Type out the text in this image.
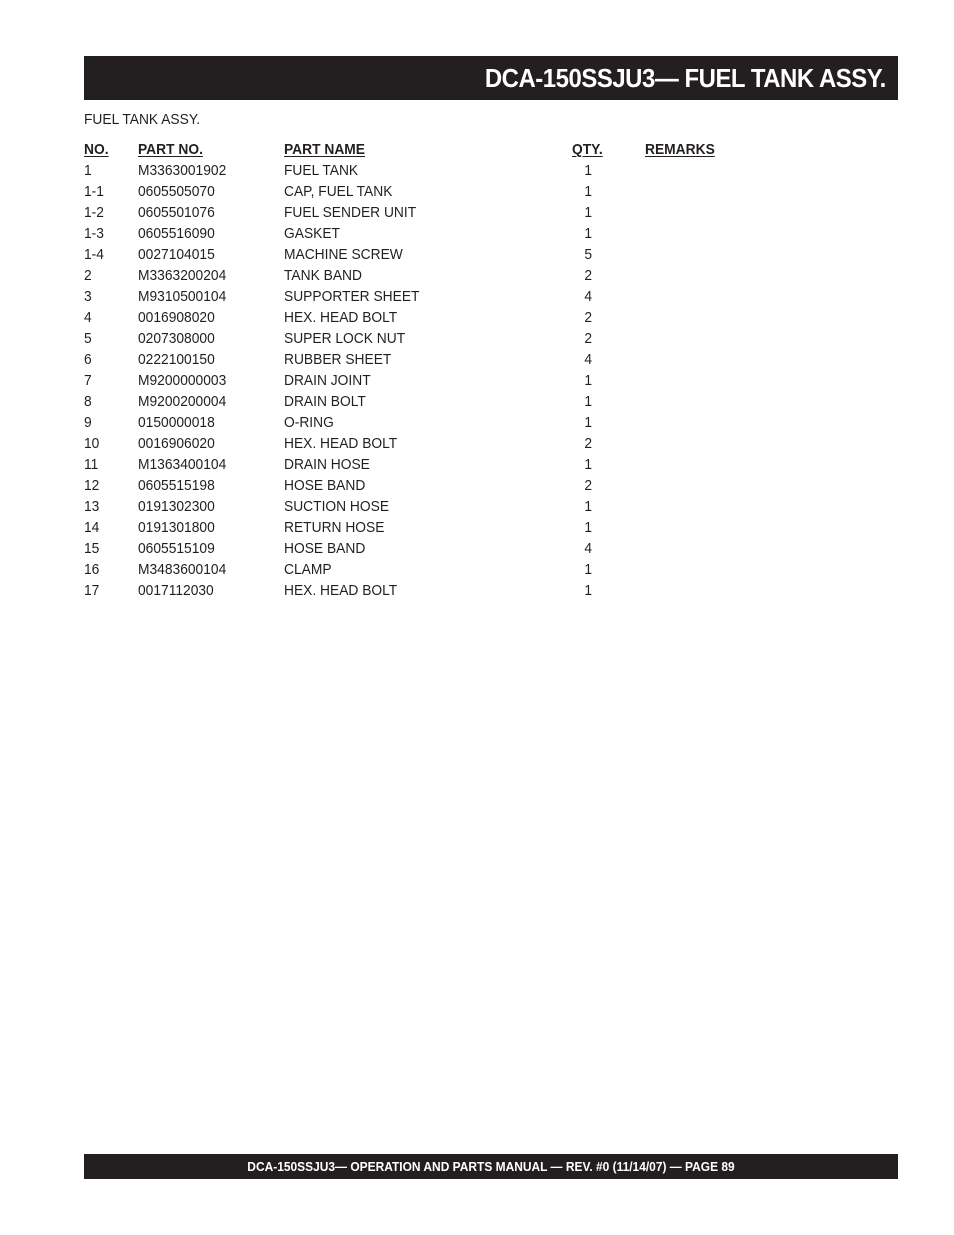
DCA-150SSJU3— FUEL TANK ASSY.
FUEL TANK ASSY.
NO. PART NO.	PART NAME	QTY.	REMARKS
1	M3363001902	FUEL TANK	1
1-1 0605505070	CAP, FUEL TANK	1
1-2 0605501076	FUEL SENDER UNIT	1
1-3 0605516090	GASKET	1
1-4 0027104015	MACHINE SCREW	5
2	M3363200204	TANK BAND	2
3	M9310500104	SUPPORTER SHEET	4
4	0016908020	HEX. HEAD BOLT	2
5	0207308000	SUPER LOCK NUT	2
6	0222100150	RUBBER SHEET	4
7	M9200000003	DRAIN JOINT	1
8	M9200200004	DRAIN BOLT	1
9	0150000018	O-RING	1
10	0016906020	HEX. HEAD BOLT	2
11	M1363400104	DRAIN HOSE	1
12	0605515198	HOSE BAND	2
13	0191302300	SUCTION HOSE	1
14	0191301800	RETURN HOSE	1
15	0605515109	HOSE BAND	4
16	M3483600104	CLAMP	1
17	0017112030	HEX. HEAD BOLT	1
DCA-150SSJU3— OPERATION AND PARTS MANUAL — REV. #0 (11/14/07) — PAGE 89
